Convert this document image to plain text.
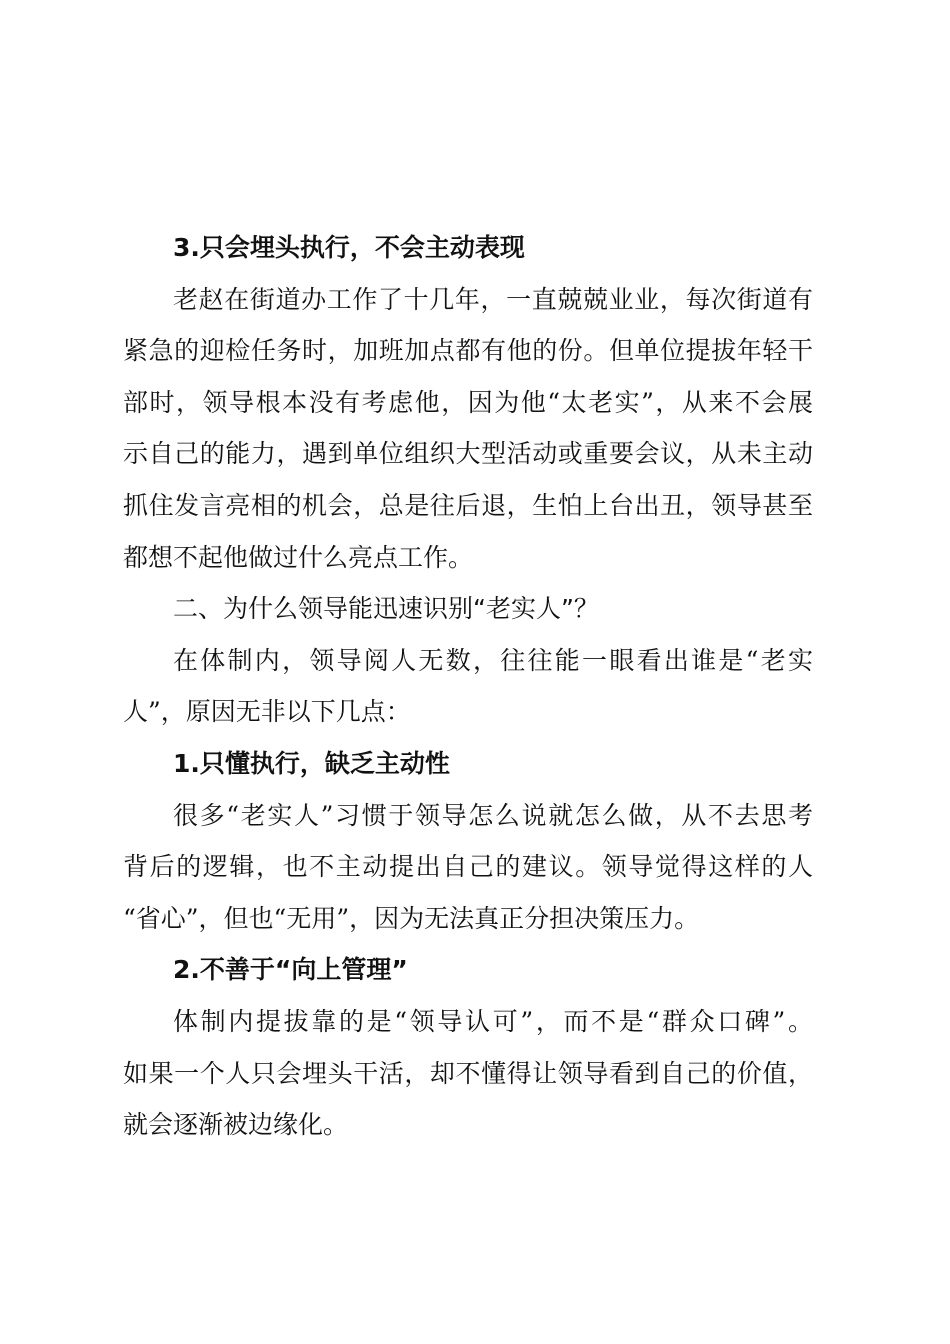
3.只会埋头执行，不会主动表现
老赵在街道办工作了十几年，一直兢兢业业，每次街道有
紧急的迎检任务时，加班加点都有他的份。但单位提拔年轻干
部时，领导根本没有考虑他，因为他“太老实”，从来不会展
示自己的能力，遇到单位组织大型活动或重要会议，从未主动
抓住发言亮相的机会，总是往后退，生怕上台出丑，领导甚至
都想不起他做过什么亮点工作。
二、为什么领导能迅速识别“老实人”？
在体制内，领导阅人无数，往往能一眼看出谁是“老实
人”，原因无非以下几点：
1.只懂执行，缺乏主动性
很多“老实人”习惯于领导怎么说就怎么做，从不去思考
背后的逻辑，也不主动提出自己的建议。领导觉得这样的人
“省心”，但也“无用”，因为无法真正分担决策压力。
2.不善于“向上管理”
体制内提拔靠的是“领导认可”，而不是“群众口碑”。
如果一个人只会埋头干活，却不懂得让领导看到自己的价值，
就会逐渐被边缘化。
